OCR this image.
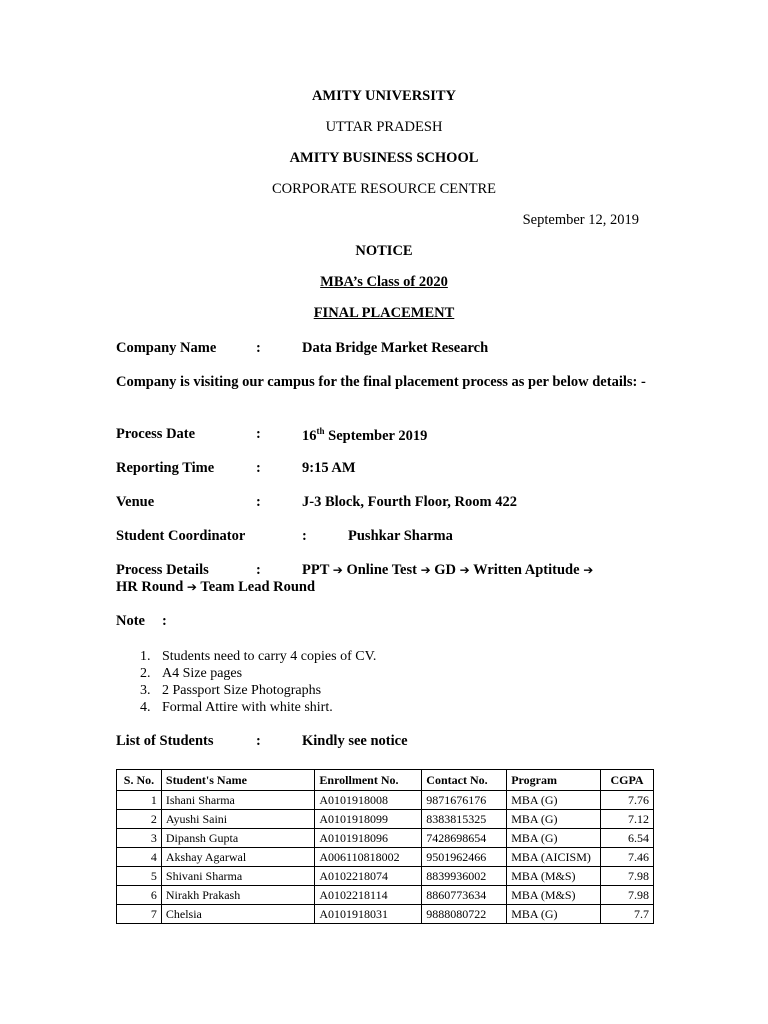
AMITY UNIVERSITY
UTTAR PRADESH
AMITY BUSINESS SCHOOL
CORPORATE RESOURCE CENTRE
September 12, 2019
NOTICE
MBA’s Class of 2020
FINAL PLACEMENT
Company Name	:	Data Bridge Market Research
Company is visiting our campus for the final placement process as per below details: -
Process Date	:	16th September 2019
Reporting Time	:	9:15 AM
Venue	:	J-3 Block, Fourth Floor, Room 422
Student Coordinator	:	Pushkar Sharma
Process Details	:	PPT ➔ Online Test ➔ GD ➔ Written Aptitude ➔
HR Round ➔ Team Lead Round
Note :
1. Students need to carry 4 copies of CV.
2. A4 Size pages
3. 2 Passport Size Photographs
4. Formal Attire with white shirt.
List of Students	:	Kindly see notice
S. No.	Student's Name	Enrollment No.	Contact No.	Program	CGPA
1	Ishani Sharma	A0101918008	9871676176	MBA (G)	7.76
2	Ayushi Saini	A0101918099	8383815325	MBA (G)	7.12
3	Dipansh Gupta	A0101918096	7428698654	MBA (G)	6.54
4	Akshay Agarwal	A006110818002	9501962466	MBA (AICISM)	7.46
5	Shivani Sharma	A0102218074	8839936002	MBA (M&S)	7.98
6	Nirakh Prakash	A0102218114	8860773634	MBA (M&S)	7.98
7	Chelsia	A0101918031	9888080722	MBA (G)	7.7
